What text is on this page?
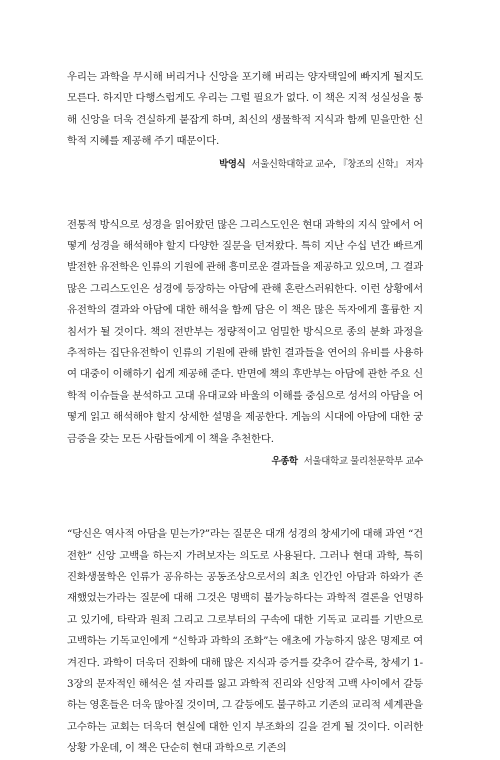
우리는 과학을 무시해 버리거나 신앙을 포기해 버리는 양자택일에 빠지게 될지도 모른다. 하지만 다행스럽게도 우리는 그럴 필요가 없다. 이 책은 지적 성실성을 통해 신앙을 더욱 견실하게 붙잡게 하며, 최신의 생물학적 지식과 함께 믿을만한 신학적 지혜를 제공해 주기 때문이다.

박영식 서울신학대학교 교수, 『창조의 신학』 저자

전통적 방식으로 성경을 읽어왔던 많은 그리스도인은 현대 과학의 지식 앞에서 어떻게 성경을 해석해야 할지 다양한 질문을 던져왔다. 특히 지난 수십 년간 빠르게 발전한 유전학은 인류의 기원에 관해 흥미로운 결과들을 제공하고 있으며, 그 결과 많은 그리스도인은 성경에 등장하는 아담에 관해 혼란스러워한다. 이런 상황에서 유전학의 결과와 아담에 대한 해석을 함께 담은 이 책은 많은 독자에게 훌륭한 지침서가 될 것이다. 책의 전반부는 정량적이고 엄밀한 방식으로 종의 분화 과정을 추적하는 집단유전학이 인류의 기원에 관해 밝힌 결과들을 연어의 유비를 사용하여 대중이 이해하기 쉽게 제공해 준다. 반면에 책의 후반부는 아담에 관한 주요 신학적 이슈들을 분석하고 고대 유대교와 바울의 이해를 중심으로 성서의 아담을 어떻게 읽고 해석해야 할지 상세한 설명을 제공한다. 게놈의 시대에 아담에 대한 궁금증을 갖는 모든 사람들에게 이 책을 추천한다.

우종학 서울대학교 물리천문학부 교수

“당신은 역사적 아담을 믿는가?”라는 질문은 대개 성경의 창세기에 대해 과연 “건전한” 신앙 고백을 하는지 가려보자는 의도로 사용된다. 그러나 현대 과학, 특히 진화생물학은 인류가 공유하는 공동조상으로서의 최초 인간인 아담과 하와가 존재했었는가라는 질문에 대해 그것은 명백히 불가능하다는 과학적 결론을 언명하고 있기에, 타락과 원죄 그리고 그로부터의 구속에 대한 기독교 교리를 기반으로 고백하는 기독교인에게 “신학과 과학의 조화”는 애초에 가능하지 않은 명제로 여겨진다. 과학이 더욱더 진화에 대해 많은 지식과 증거를 갖추어 갈수록, 창세기 1-3장의 문자적인 해석은 설 자리를 잃고 과학적 진리와 신앙적 고백 사이에서 갈등하는 영혼들은 더욱 많아질 것이며, 그 갈등에도 불구하고 기존의 교리적 세계관을 고수하는 교회는 더욱더 현실에 대한 인지 부조화의 길을 걷게 될 것이다. 이러한 상황 가운데, 이 책은 단순히 현대 과학으로 기존의
